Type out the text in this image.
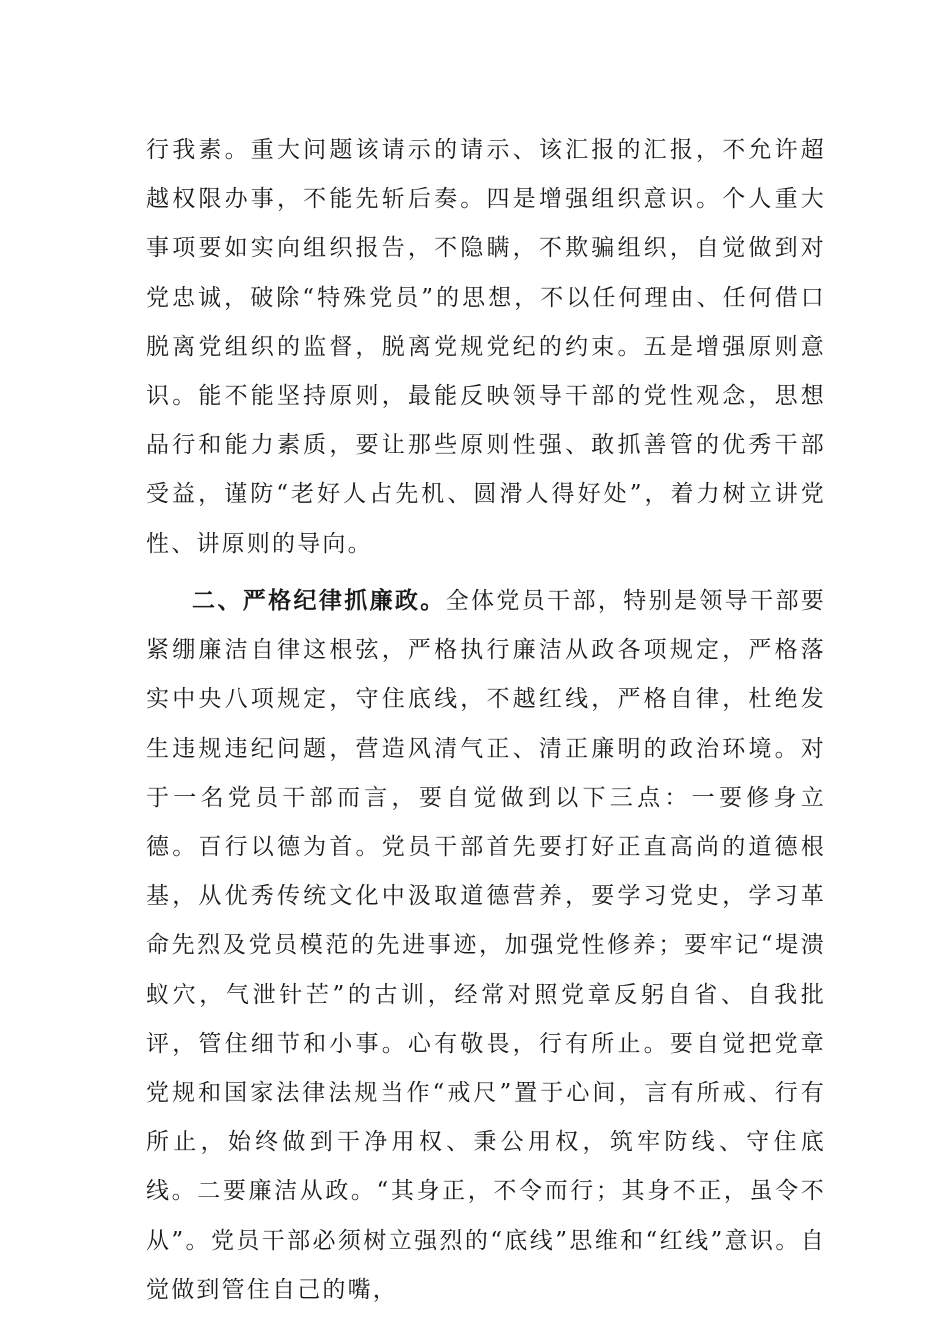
行我素。重大问题该请示的请示、该汇报的汇报，不允许超越权限办事，不能先斩后奏。四是增强组织意识。个人重大事项要如实向组织报告，不隐瞒，不欺骗组织，自觉做到对党忠诚，破除“特殊党员”的思想，不以任何理由、任何借口脱离党组织的监督，脱离党规党纪的约束。五是增强原则意识。能不能坚持原则，最能反映领导干部的党性观念，思想品行和能力素质，要让那些原则性强、敢抓善管的优秀干部受益，谨防“老好人占先机、圆滑人得好处”，着力树立讲党性、讲原则的导向。

二、严格纪律抓廉政。全体党员干部，特别是领导干部要紧绷廉洁自律这根弦，严格执行廉洁从政各项规定，严格落实中央八项规定，守住底线，不越红线，严格自律，杜绝发生违规违纪问题，营造风清气正、清正廉明的政治环境。对于一名党员干部而言，要自觉做到以下三点：一要修身立德。百行以德为首。党员干部首先要打好正直高尚的道德根基，从优秀传统文化中汲取道德营养，要学习党史，学习革命先烈及党员模范的先进事迹，加强党性修养；要牢记“堤溃蚁穴，气泄针芒”的古训，经常对照党章反躬自省、自我批评，管住细节和小事。心有敬畏，行有所止。要自觉把党章党规和国家法律法规当作“戒尺”置于心间，言有所戒、行有所止，始终做到干净用权、秉公用权，筑牢防线、守住底线。二要廉洁从政。“其身正，不令而行；其身不正，虽令不从”。党员干部必须树立强烈的“底线”思维和“红线”意识。自觉做到管住自己的嘴，
